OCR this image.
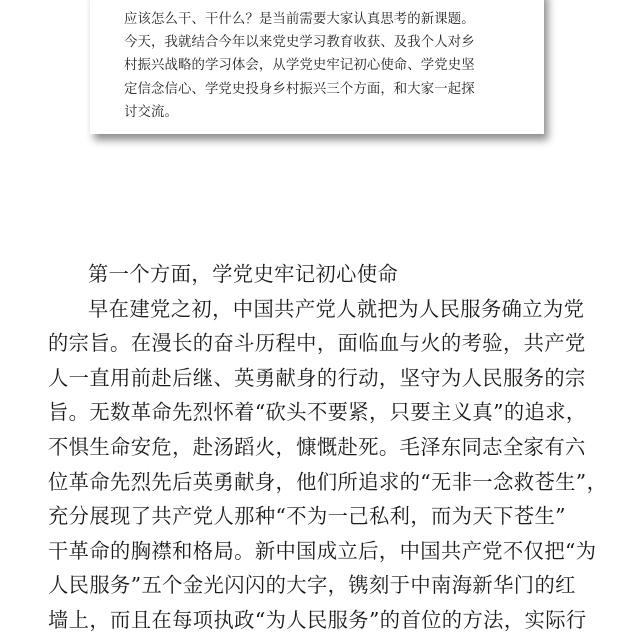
应该怎么干、干什么？是当前需要大家认真思考的新课题。
今天，我就结合今年以来党史学习教育收获、及我个人对乡
村振兴战略的学习体会，从学党史牢记初心使命、学党史坚
定信念信心、学党史投身乡村振兴三个方面，和大家一起探
讨交流。
第一个方面，学党史牢记初心使命
早在建党之初，中国共产党人就把为人民服务确立为党
的宗旨。在漫长的奋斗历程中，面临血与火的考验，共产党
人一直用前赴后继、英勇献身的行动，坚守为人民服务的宗
旨。无数革命先烈怀着“砍头不要紧，只要主义真”的追求，
不惧生命安危，赴汤蹈火，慷慨赴死。毛泽东同志全家有六
位革命先烈先后英勇献身，他们所追求的“无非一念救苍生”，
充分展现了共产党人那种“不为一己私利，而为天下苍生”
干革命的胸襟和格局。新中国成立后，中国共产党不仅把“为
人民服务”五个金光闪闪的大字，镌刻于中南海新华门的红
墙上，而且在每项执政“为人民服务”的首位的方法，实际行
